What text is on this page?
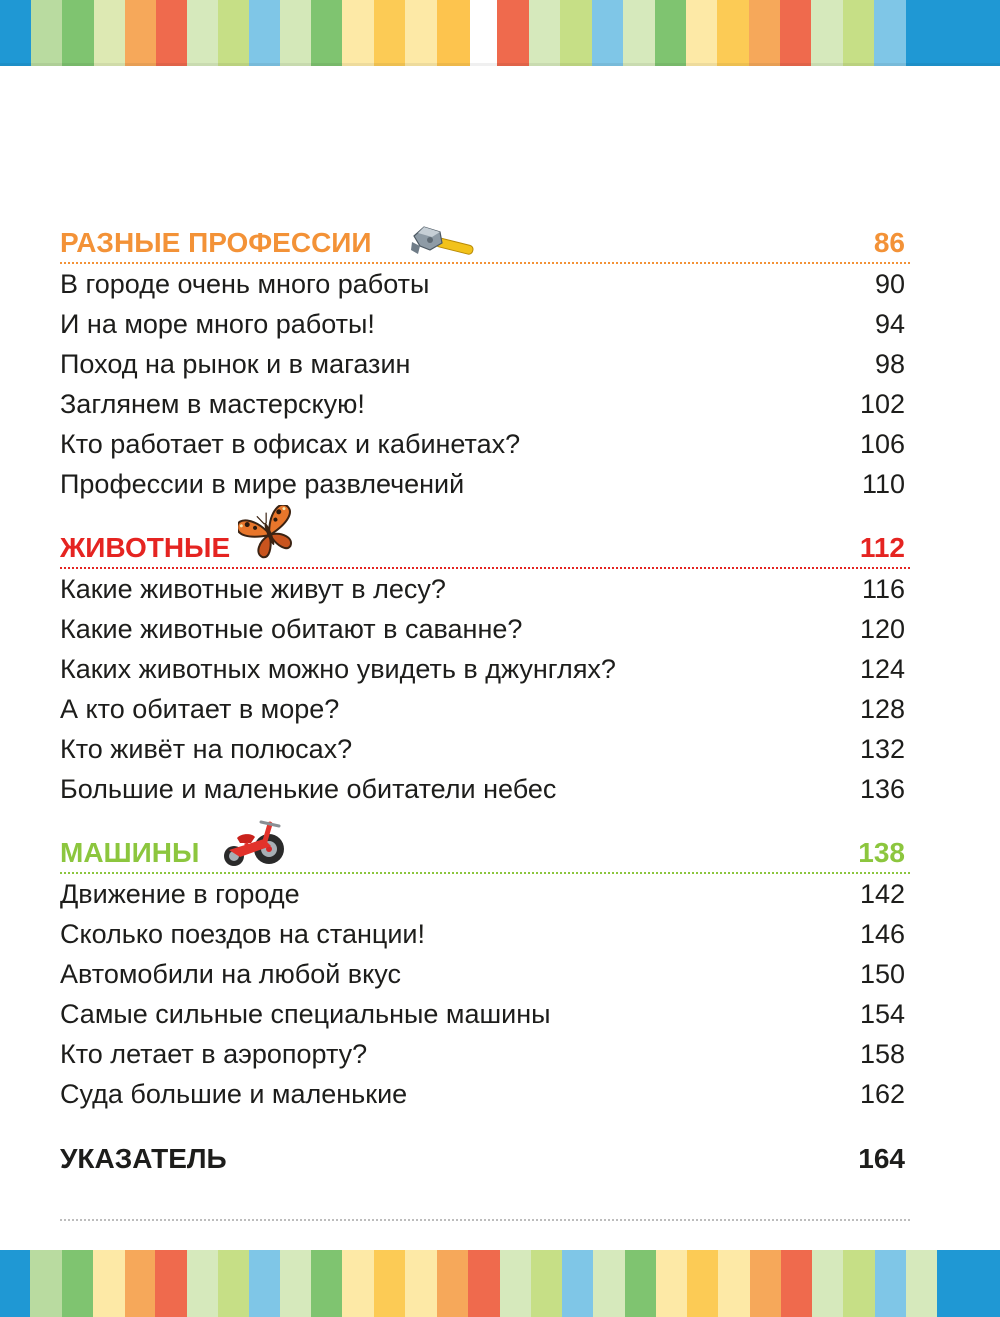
РАЗНЫЕ ПРОФЕССИИ	86
В городе очень много работы	90
И на море много работы!	94
Поход на рынок и в магазин	98
Заглянем в мастерскую!	102
Кто работает в офисах и кабинетах?	106
Профессии в мире развлечений	110
ЖИВОТНЫЕ	112
Какие животные живут в лесу?	116
Какие животные обитают в саванне?	120
Каких животных можно увидеть в джунглях?	124
А кто обитает в море?	128
Кто живёт на полюсах?	132
Большие и маленькие обитатели небес	136
МАШИНЫ	138
Движение в городе	142
Сколько поездов на станции!	146
Автомобили на любой вкус	150
Самые сильные специальные машины	154
Кто летает в аэропорту?	158
Суда большие и маленькие	162
УКАЗАТЕЛЬ	164
